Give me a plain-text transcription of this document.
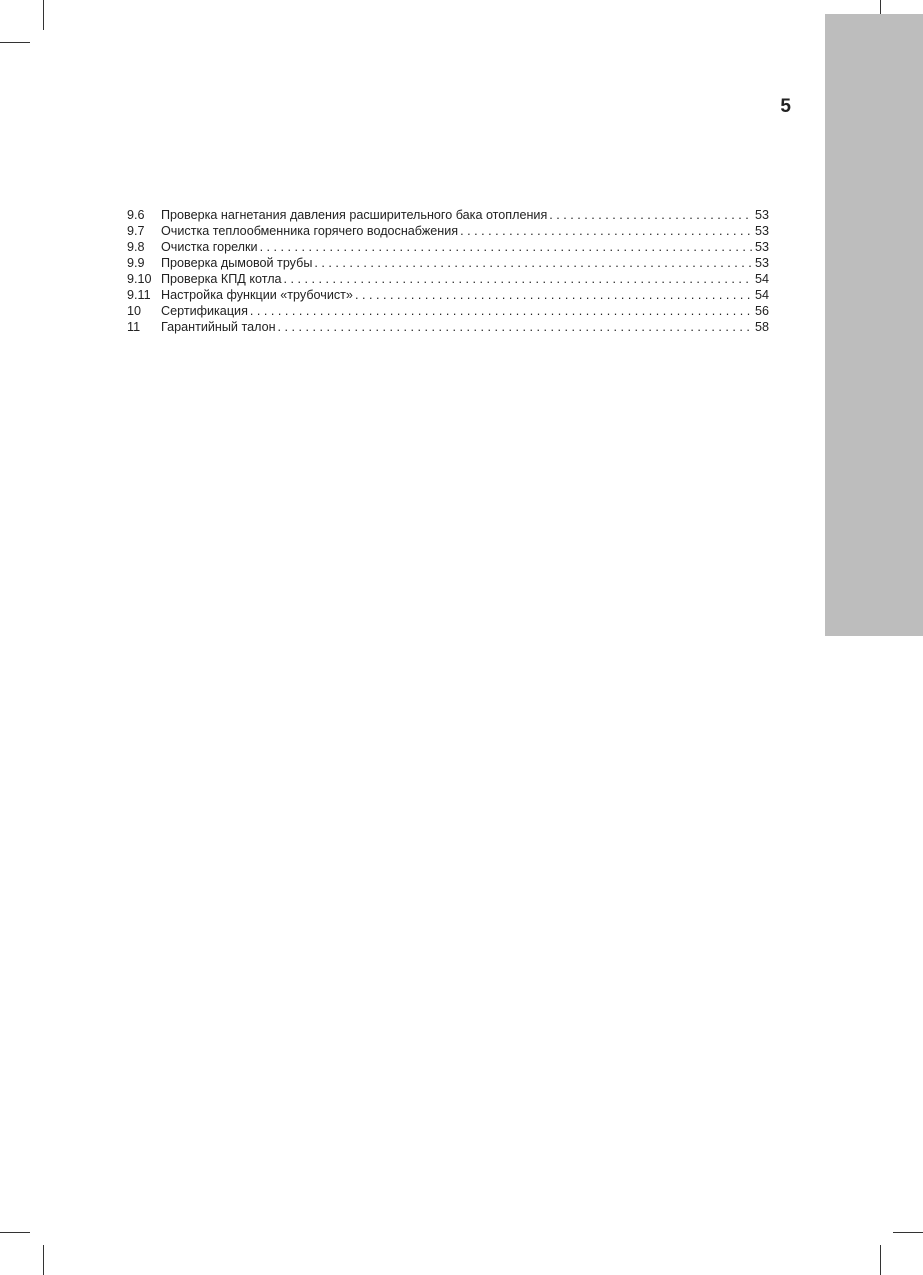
5
9.6	Проверка нагнетания давления расширительного бака отопления . . .	53
9.7	Очистка теплообменника горячего водоснабжения . . .	53
9.8	Очистка горелки . . .	53
9.9	Проверка дымовой трубы . . .	53
9.10 Проверка КПД котла . . .	54
9.11 Настройка функции «трубочист» . . .	54
10	Сертификация . . .	56
11	Гарантийный талон . . .	58
